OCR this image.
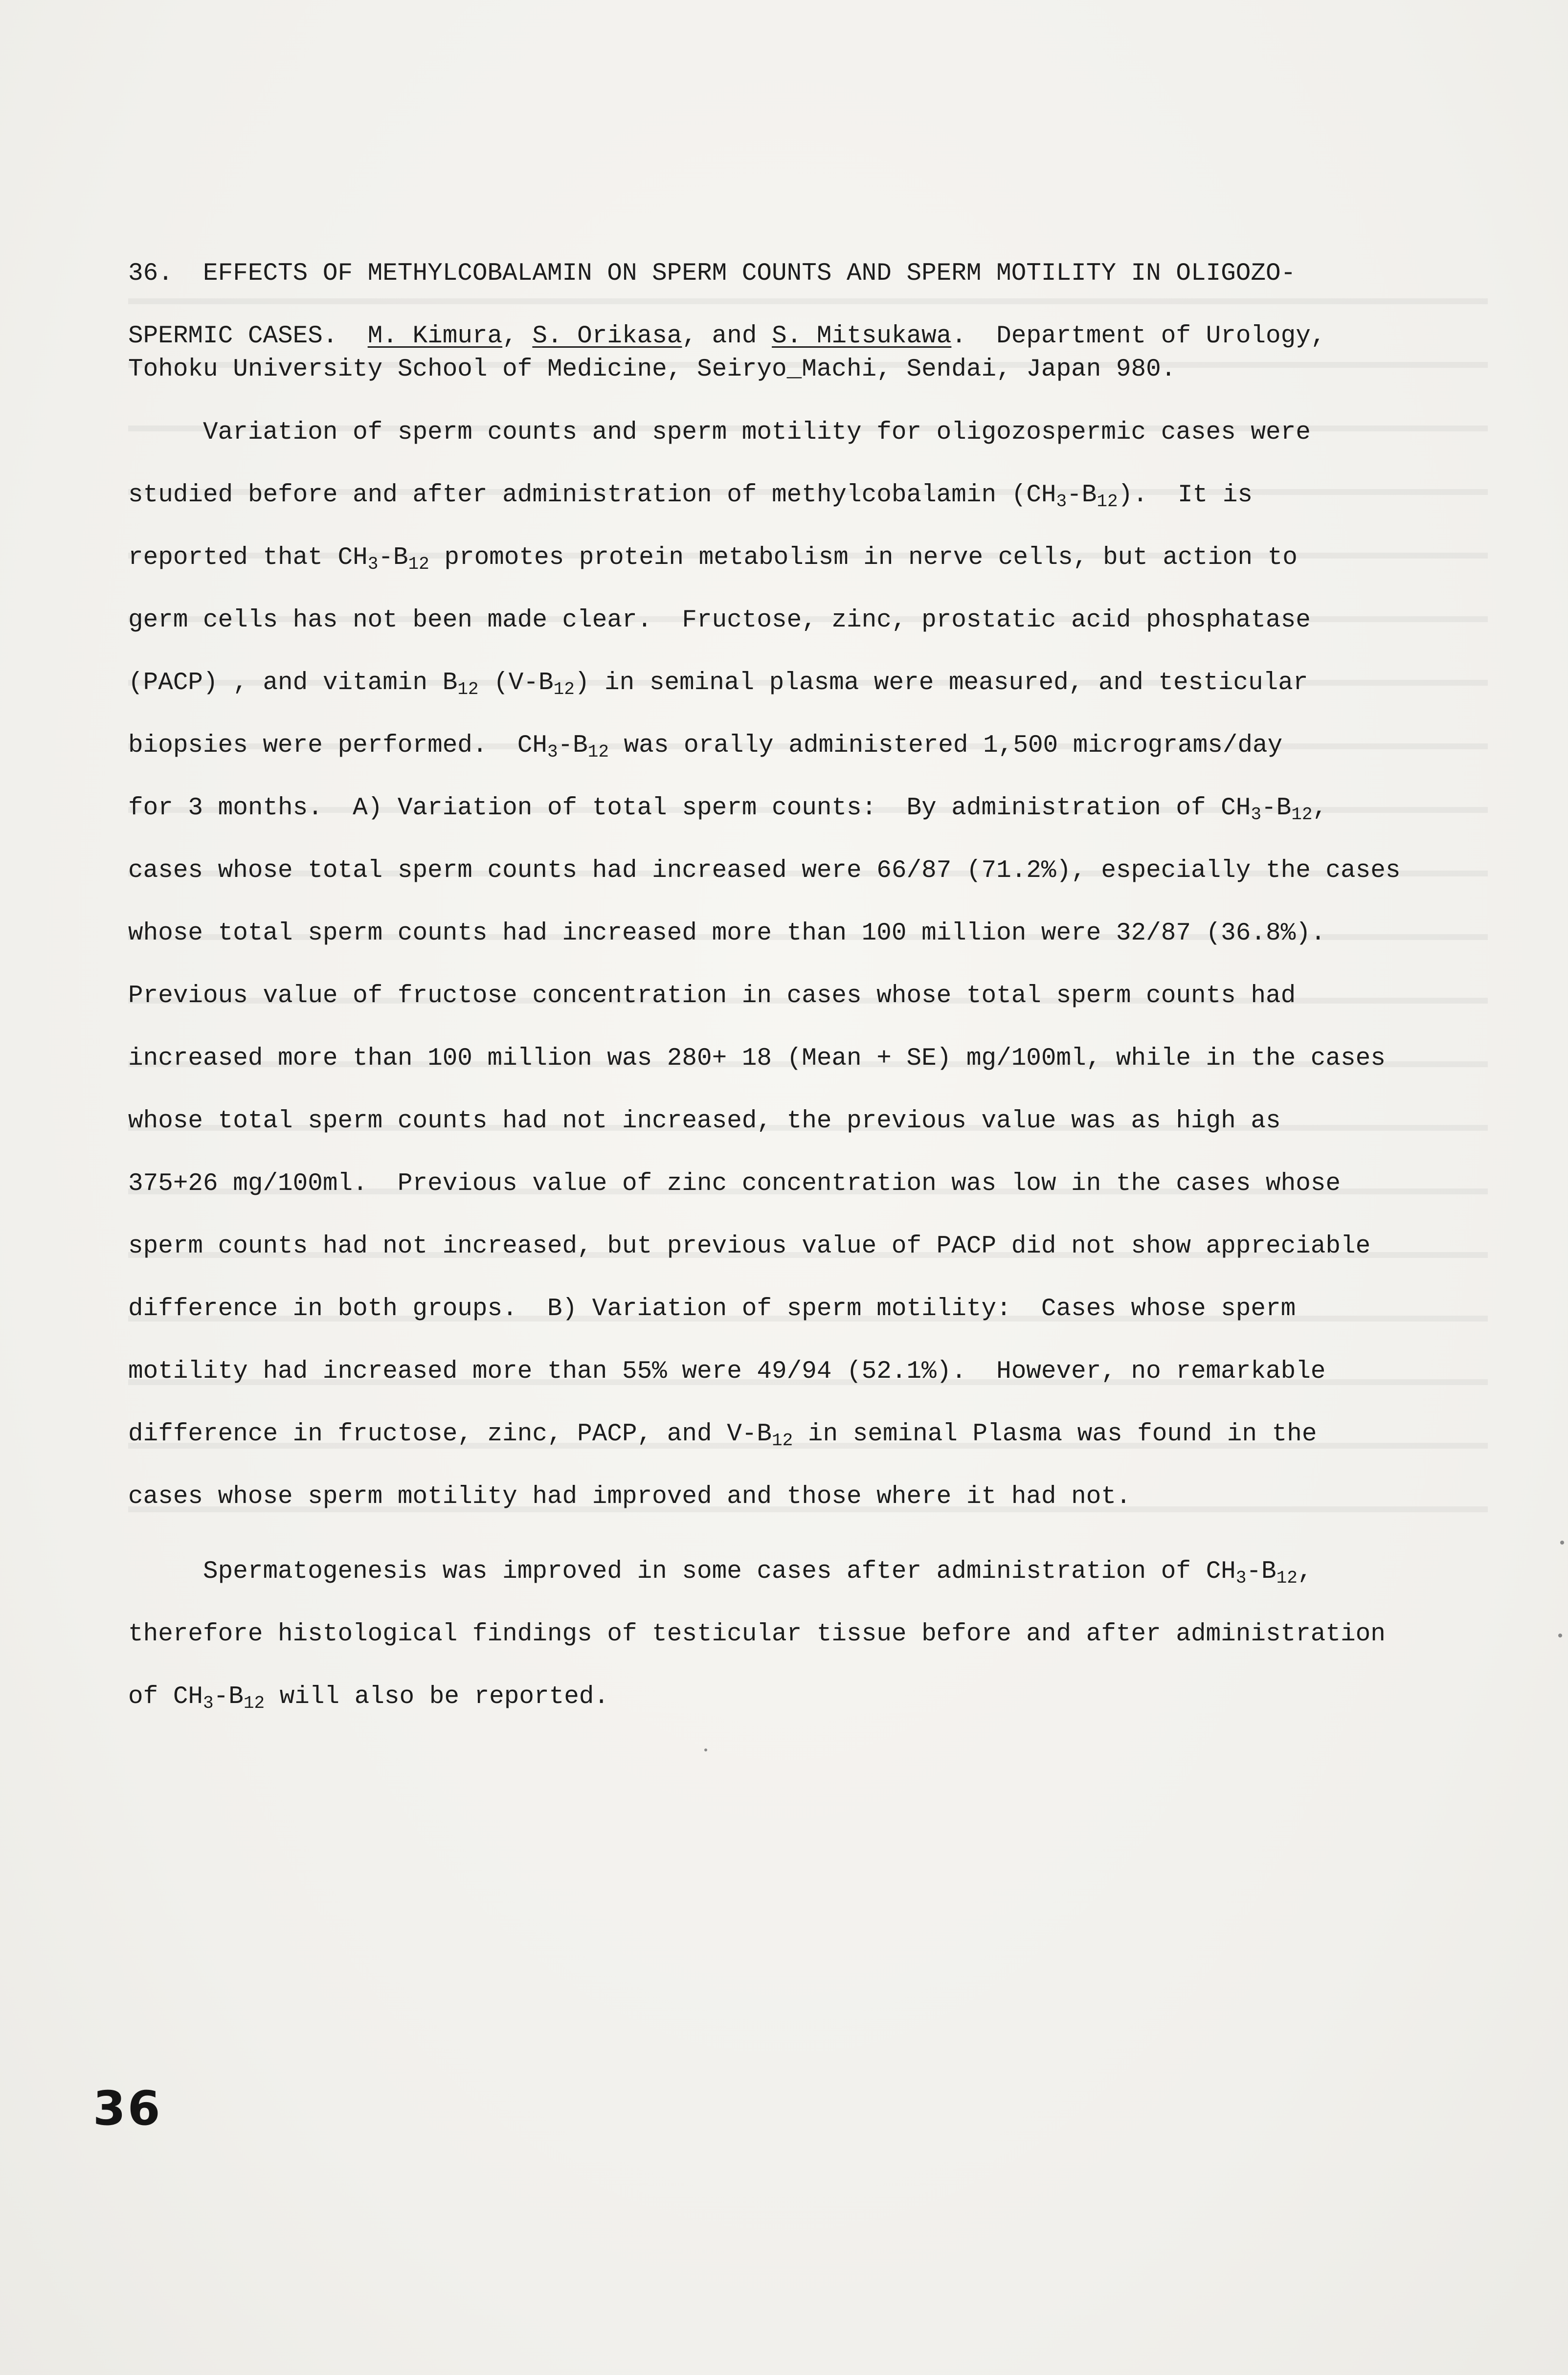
36.  EFFECTS OF METHYLCOBALAMIN ON SPERM COUNTS AND SPERM MOTILITY IN OLIGOZO-
SPERMIC CASES.  M. Kimura, S. Orikasa, and S. Mitsukawa.  Department of Urology,
Tohoku University School of Medicine, Seiryo_Machi, Sendai, Japan 980.
Variation of sperm counts and sperm motility for oligozospermic cases were
studied before and after administration of methylcobalamin $(CH_3-B_{12})$.  It is
reported that $CH_3-B_{12}$ promotes protein metabolism in nerve cells, but action to
germ cells has not been made clear.  Fructose, zinc, prostatic acid phosphatase
(PACP) , and vitamin $B_{12}$ $(V-B_{12})$ in seminal plasma were measured, and testicular
biopsies were performed.  $CH_3-B_{12}$ was orally administered 1,500 micrograms/day
for 3 months.  A) Variation of total sperm counts:  By administration of $CH_3-B_{12}$,
cases whose total sperm counts had increased were 66/87 (71.2%), especially the cases
whose total sperm counts had increased more than 100 million were 32/87 (36.8%).
Previous value of fructose concentration in cases whose total sperm counts had
increased more than 100 million was 280+ 18 (Mean + SE) mg/100ml, while in the cases
whose total sperm counts had not increased, the previous value was as high as
375+26 mg/100ml.  Previous value of zinc concentration was low in the cases whose
sperm counts had not increased, but previous value of PACP did not show appreciable
difference in both groups.  B) Variation of sperm motility:  Cases whose sperm
motility had increased more than 55% were 49/94 (52.1%).  However, no remarkable
difference in fructose, zinc, PACP, and $V-B_{12}$ in seminal Plasma was found in the
cases whose sperm motility had improved and those where it had not.
Spermatogenesis was improved in some cases after administration of $CH_3-B_{12}$,
therefore histological findings of testicular tissue before and after administration
of $CH_3-B_{12}$ will also be reported.
36
